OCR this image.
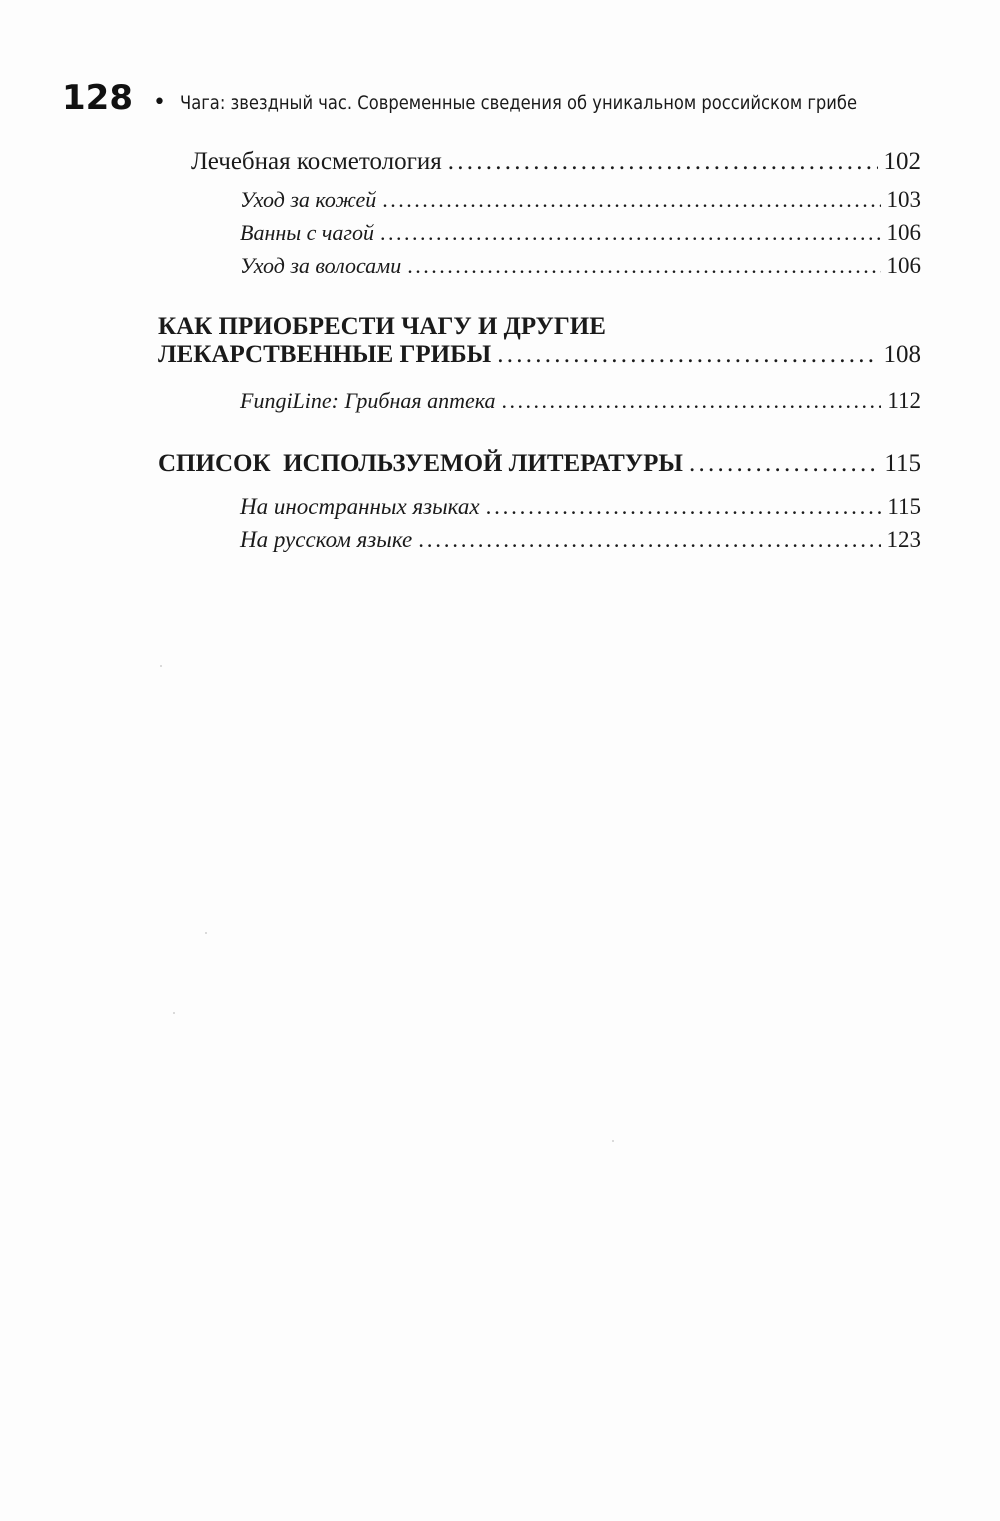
128 • Чага: звездный час. Современные сведения об уникальном российском грибе
Лечебная косметология . . .	102
Уход за кожей . . .	103
Ванны с чагой . . .	106
Уход за волосами . . .	106
КАК ПРИОБРЕСТИ ЧАГУ И ДРУГИЕ
ЛЕКАРСТВЕННЫЕ ГРИБЫ . . .	108
FungiLine: Грибная аптека . . .	112
СПИСОК  ИСПОЛЬЗУЕМОЙ ЛИТЕРАТУРЫ . . .	115
На иностранных языках . . .	115
На русском языке . . .	123
